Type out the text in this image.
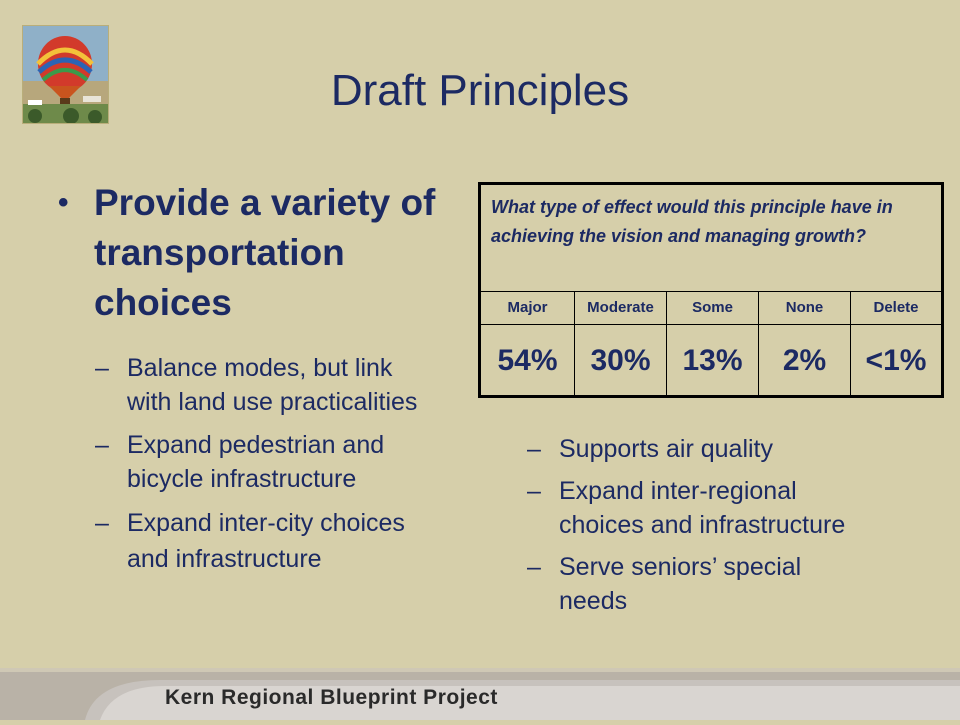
Draft Principles
• Provide a variety of transportation choices
– Balance modes, but link
with land use practicalities
– Expand pedestrian and
bicycle infrastructure
– Expand inter-city choices
and infrastructure
What type of effect would this principle have in achieving the vision and managing growth?
Major	Moderate	Some	None	Delete
54%	30%	13%	2%	<1%
– Supports air quality
– Expand inter-regional
choices and infrastructure
– Serve seniors’ special
needs
Kern Regional Blueprint Project
